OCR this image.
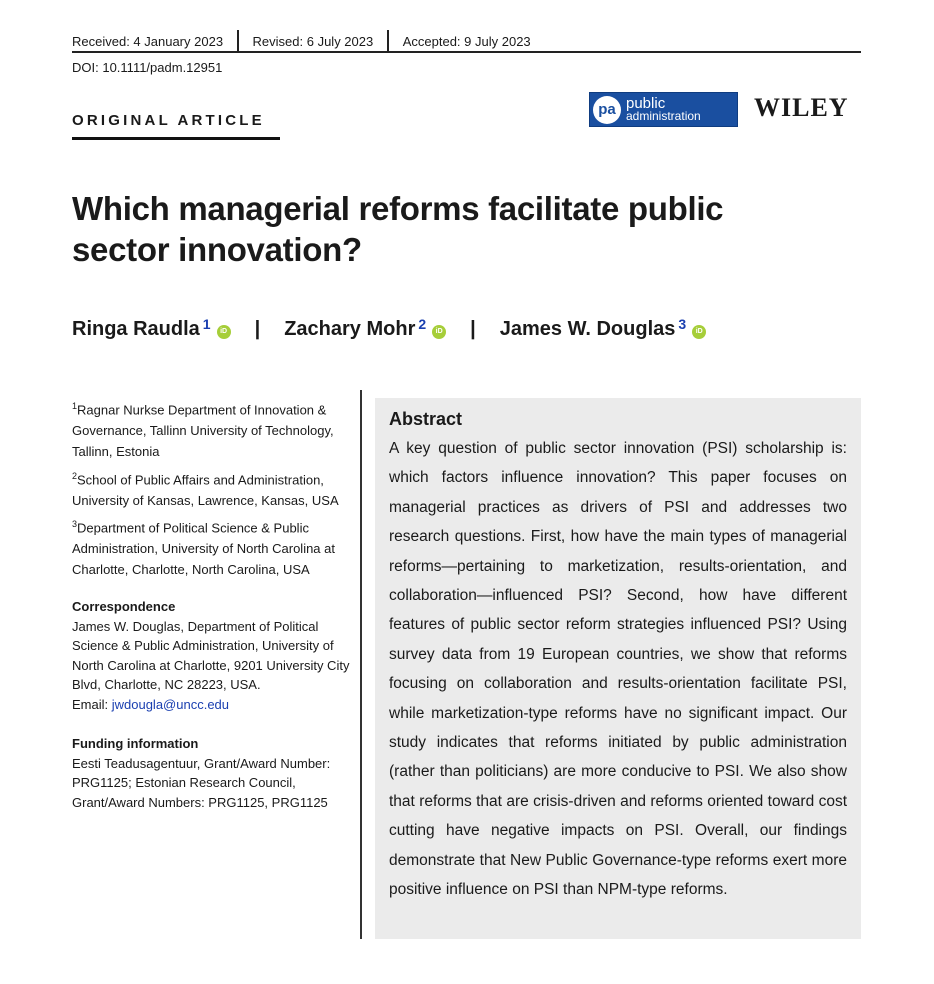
Received: 4 January 2023 Revised: 6 July 2023 Accepted: 9 July 2023
DOI: 10.1111/padm.12951
ORIGINAL ARTICLE
pa public
administration WILEY
Which managerial reforms facilitate public sector innovation?
Ringa Raudla$^1$	iD | Zachary Mohr$^2$	iD | James W. Douglas$^3$	iD
$^1$Ragnar Nurkse Department of Innovation & Governance, Tallinn University of Technology, Tallinn, Estonia
$^2$School of Public Affairs and Administration, University of Kansas, Lawrence, Kansas, USA
$^3$Department of Political Science & Public Administration, University of North Carolina at Charlotte, Charlotte, North Carolina, USA
Correspondence
James W. Douglas, Department of Political Science & Public Administration, University of North Carolina at Charlotte, 9201 University City Blvd, Charlotte, NC 28223, USA.
Email: jwdougla@uncc.edu
Funding information
Eesti Teadusagentuur, Grant/Award Number: PRG1125; Estonian Research Council, Grant/Award Numbers: PRG1125, PRG1125
Abstract

A key question of public sector innovation (PSI) scholarship is: which factors influence innovation? This paper focuses on managerial practices as drivers of PSI and addresses two research questions. First, how have the main types of managerial reforms—pertaining to marketization, results-orientation, and collaboration—influenced PSI? Second, how have different features of public sector reform strategies influenced PSI? Using survey data from 19 European countries, we show that reforms focusing on collaboration and results-orientation facilitate PSI, while marketization-type reforms have no significant impact. Our study indicates that reforms initiated by public administration (rather than politicians) are more conducive to PSI. We also show that reforms that are crisis-driven and reforms oriented toward cost cutting have negative impacts on PSI. Overall, our findings demonstrate that New Public Governance-type reforms exert more positive influence on PSI than NPM-type reforms.
